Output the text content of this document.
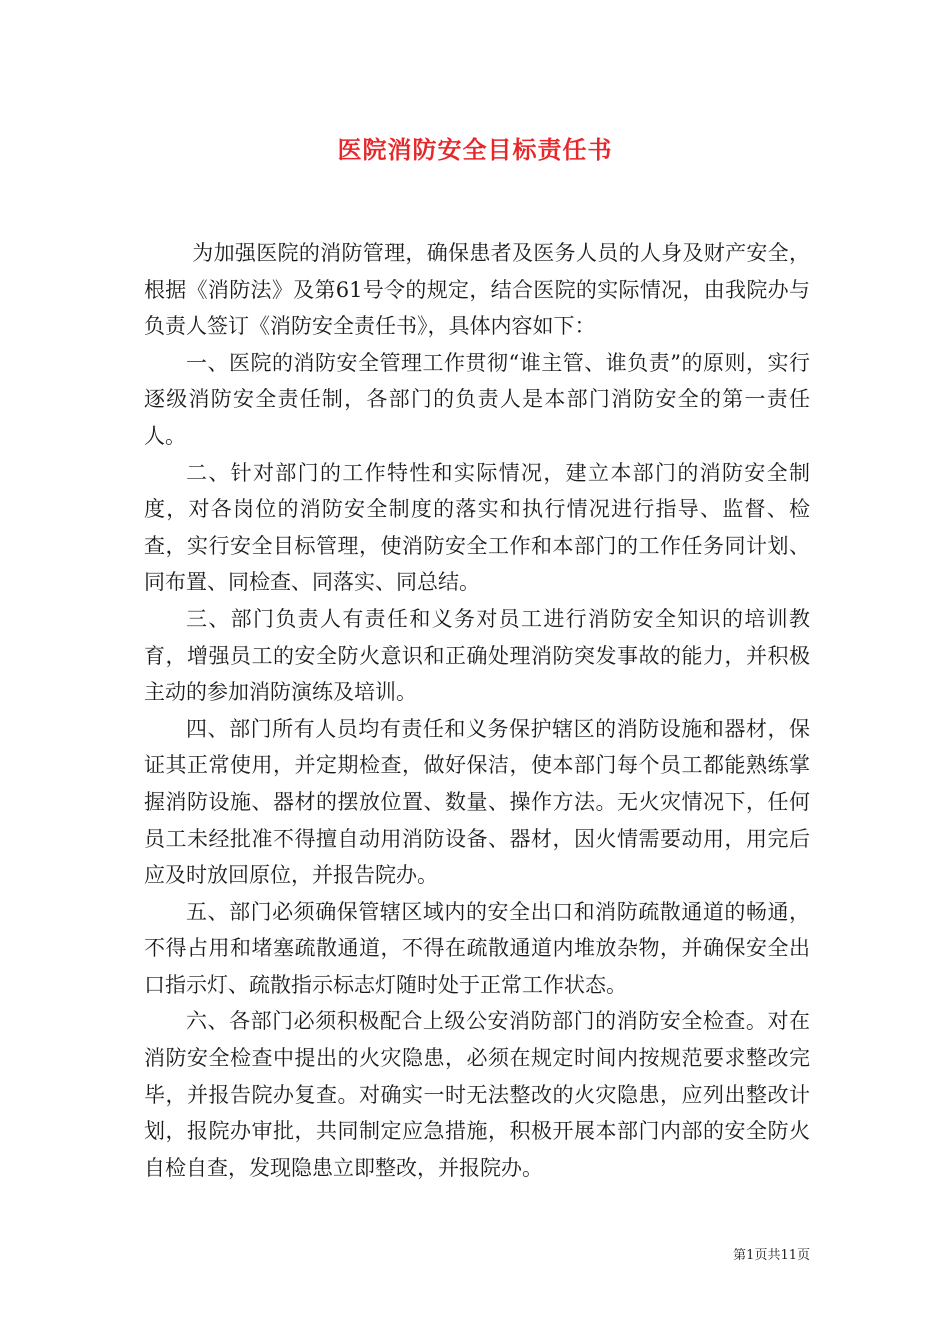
医院消防安全目标责任书

为加强医院的消防管理，确保患者及医务人员的人身及财产安全，根据《消防法》及第61号令的规定，结合医院的实际情况，由我院办与负责人签订《消防安全责任书》，具体内容如下：

一、医院的消防安全管理工作贯彻“谁主管、谁负责”的原则，实行逐级消防安全责任制，各部门的负责人是本部门消防安全的第一责任人。

二、针对部门的工作特性和实际情况，建立本部门的消防安全制度，对各岗位的消防安全制度的落实和执行情况进行指导、监督、检查，实行安全目标管理，使消防安全工作和本部门的工作任务同计划、同布置、同检查、同落实、同总结。

三、部门负责人有责任和义务对员工进行消防安全知识的培训教育，增强员工的安全防火意识和正确处理消防突发事故的能力，并积极主动的参加消防演练及培训。

四、部门所有人员均有责任和义务保护辖区的消防设施和器材，保证其正常使用，并定期检查，做好保洁，使本部门每个员工都能熟练掌握消防设施、器材的摆放位置、数量、操作方法。无火灾情况下，任何员工未经批准不得擅自动用消防设备、器材，因火情需要动用，用完后应及时放回原位，并报告院办。

五、部门必须确保管辖区域内的安全出口和消防疏散通道的畅通，不得占用和堵塞疏散通道，不得在疏散通道内堆放杂物，并确保安全出口指示灯、疏散指示标志灯随时处于正常工作状态。

六、各部门必须积极配合上级公安消防部门的消防安全检查。对在消防安全检查中提出的火灾隐患，必须在规定时间内按规范要求整改完毕，并报告院办复查。对确实一时无法整改的火灾隐患，应列出整改计划，报院办审批，共同制定应急措施，积极开展本部门内部的安全防火自检自查，发现隐患立即整改，并报院办。

第1页共11页
